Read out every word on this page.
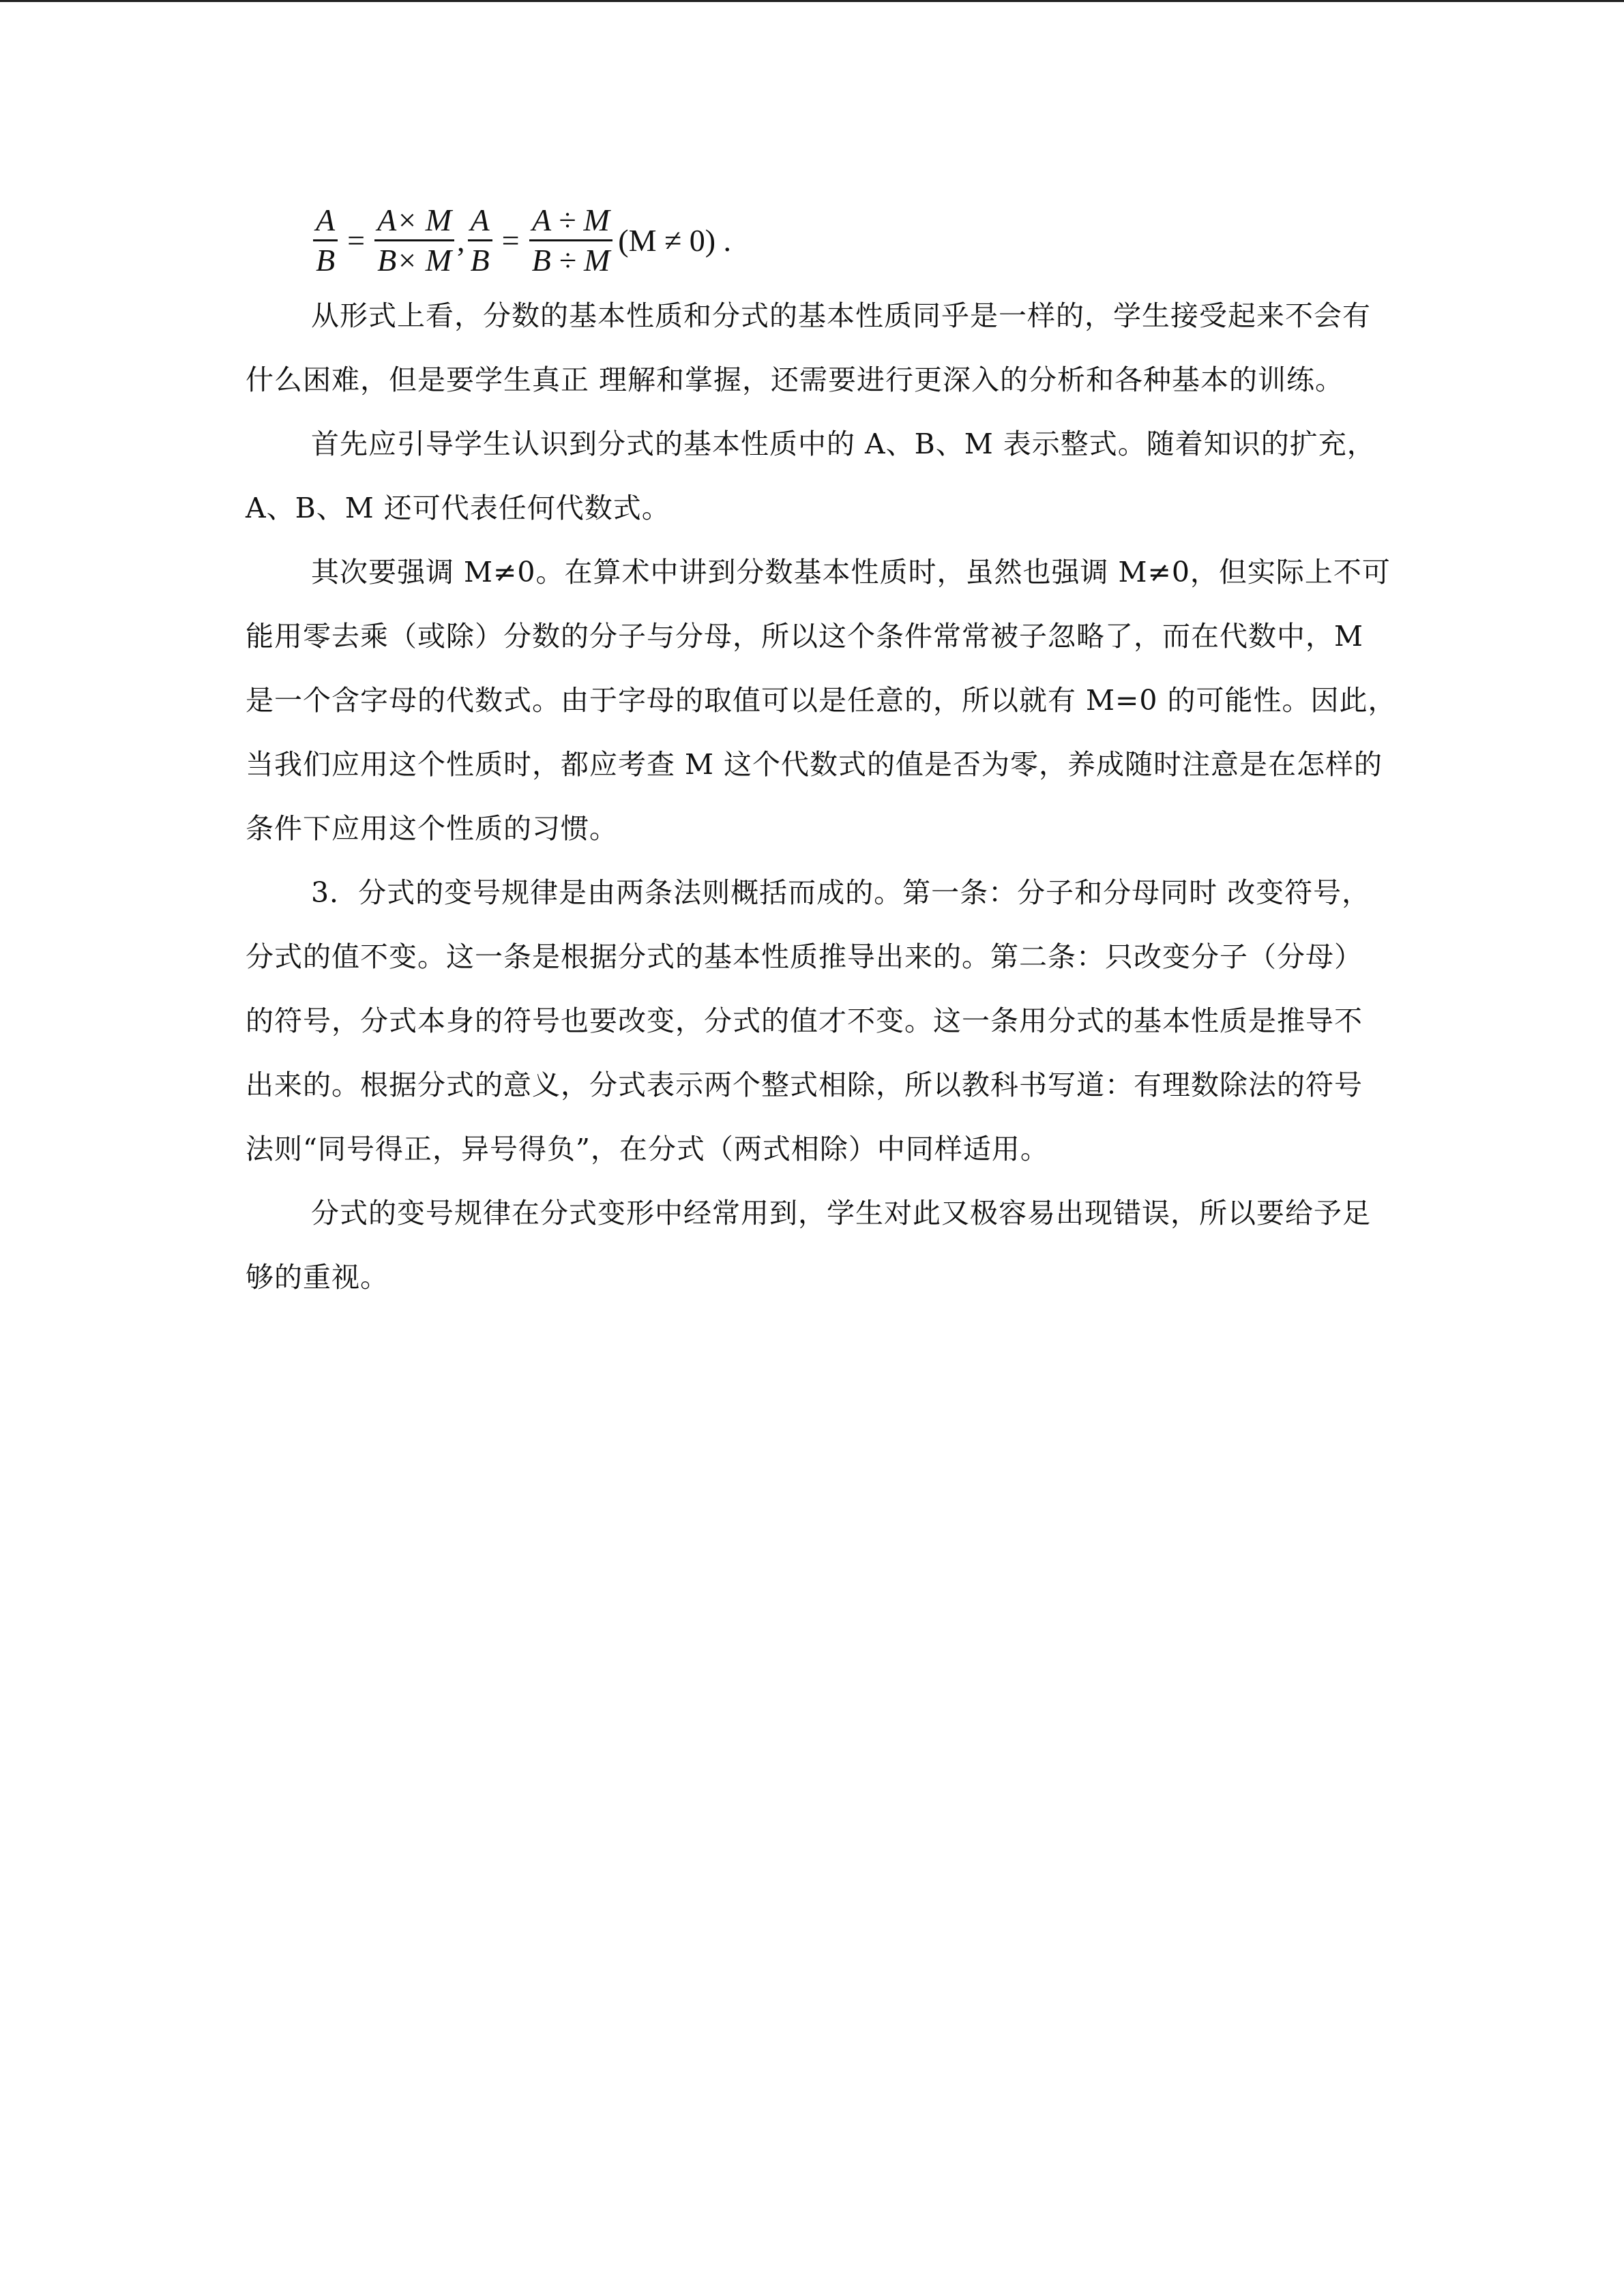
$\frac{A}{B} = \frac{A\times M}{B\times M}$ , $\frac{A}{B} = \frac{A \div M}{B \div M} (M \ne 0)$ .

从形式上看，分数的基本性质和分式的基本性质同乎是一样的，学生接受起来不会有
什么困难，但是要学生真正 理解和掌握，还需要进行更深入的分析和各种基本的训练。

首先应引导学生认识到分式的基本性质中的 A、B、M 表示整式。随着知识的扩充，
A、B、M 还可代表任何代数式。

其次要强调 M≠0。在算术中讲到分数基本性质时，虽然也强调 M≠0，但实际上不可
能用零去乘（或除）分数的分子与分母，所以这个条件常常被子忽略了，而在代数中，M
是一个含字母的代数式。由于字母的取值可以是任意的，所以就有 M=0 的可能性。因此，
当我们应用这个性质时，都应考查 M 这个代数式的值是否为零，养成随时注意是在怎样的
条件下应用这个性质的习惯。

3．分式的变号规律是由两条法则概括而成的。第一条：分子和分母同时 改变符号，
分式的值不变。这一条是根据分式的基本性质推导出来的。第二条：只改变分子（分母）
的符号，分式本身的符号也要改变，分式的值才不变。这一条用分式的基本性质是推导不
出来的。根据分式的意义，分式表示两个整式相除，所以教科书写道：有理数除法的符号
法则“同号得正，异号得负”，在分式（两式相除）中同样适用。

分式的变号规律在分式变形中经常用到，学生对此又极容易出现错误，所以要给予足
够的重视。
